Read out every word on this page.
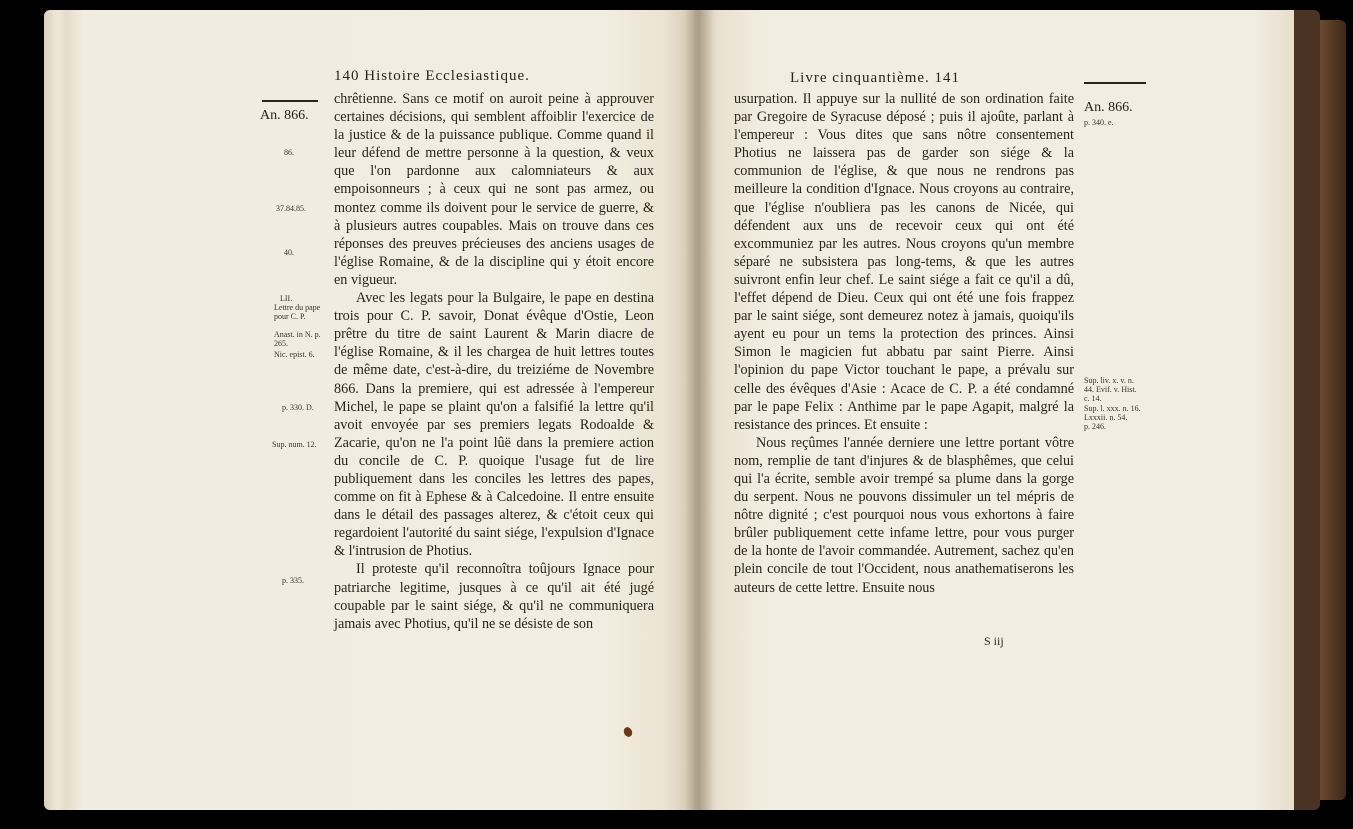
140 Histoire Ecclesiastique.
An. 866.
86.
37.84.85.
40.
LII.
Lettre du pape pour C. P.
Anast. in N. p. 265.
Nic. epist. 6.
p. 330. D.
Sup. num. 12.
p. 335.

chrêtienne. Sans ce motif on auroit peine à approuver certaines décisions, qui semblent affoiblir l'exercice de la justice & de la puissance publique. Comme quand il leur défend de mettre personne à la question, & veux que l'on pardonne aux calomniateurs & aux empoisonneurs ; à ceux qui ne sont pas armez, ou montez comme ils doivent pour le service de guerre, & à plusieurs autres coupables. Mais on trouve dans ces réponses des preuves précieuses des anciens usages de l'église Romaine, & de la discipline qui y étoit encore en vigueur.

Avec les legats pour la Bulgaire, le pape en destina trois pour C. P. savoir, Donat évêque d'Ostie, Leon prêtre du titre de saint Laurent & Marin diacre de l'église Romaine, & il les chargea de huit lettres toutes de même date, c'est-à-dire, du treiziéme de Novembre 866. Dans la premiere, qui est adressée à l'empereur Michel, le pape se plaint qu'on a falsifié la lettre qu'il avoit envoyée par ses premiers legats Rodoalde & Zacarie, qu'on ne l'a point lûë dans la premiere action du concile de C. P. quoique l'usage fut de lire publiquement dans les conciles les lettres des papes, comme on fit à Ephese & à Calcedoine. Il entre ensuite dans le détail des passages alterez, & c'étoit ceux qui regardoient l'autorité du saint siége, l'expulsion d'Ignace & l'intrusion de Photius.

Il proteste qu'il reconnoîtra toûjours Ignace pour patriarche legitime, jusques à ce qu'il ait été jugé coupable par le saint siége, & qu'il ne communiquera jamais avec Photius, qu'il ne se désiste de son

Livre cinquantième. 141
An. 866.
p. 340. e.
Sup. liv. x. v. n. 44. Evif. v. Hist. c. 14.
Sup. l. xxx. n. 16.
Lxxxii. n. 54.
p. 246.

usurpation. Il appuye sur la nullité de son ordination faite par Gregoire de Syracuse déposé ; puis il ajoûte, parlant à l'empereur : Vous dites que sans nôtre consentement Photius ne laissera pas de garder son siége & la communion de l'église, & que nous ne rendrons pas meilleure la condition d'Ignace. Nous croyons au contraire, que l'église n'oubliera pas les canons de Nicée, qui défendent aux uns de recevoir ceux qui ont été excommuniez par les autres. Nous croyons qu'un membre séparé ne subsistera pas long-tems, & que les autres suivront enfin leur chef. Le saint siége a fait ce qu'il a dû, l'effet dépend de Dieu. Ceux qui ont été une fois frappez par le saint siége, sont demeurez notez à jamais, quoiqu'ils ayent eu pour un tems la protection des princes. Ainsi Simon le magicien fut abbatu par saint Pierre. Ainsi l'opinion du pape Victor touchant le pape, a prévalu sur celle des évêques d'Asie : Acace de C. P. a été condamné par le pape Felix : Anthime par le pape Agapit, malgré la resistance des princes. Et ensuite :

Nous reçûmes l'année derniere une lettre portant vôtre nom, remplie de tant d'injures & de blasphêmes, que celui qui l'a écrite, semble avoir trempé sa plume dans la gorge du serpent. Nous ne pouvons dissimuler un tel mépris de nôtre dignité ; c'est pourquoi nous vous exhortons à faire brûler publiquement cette infame lettre, pour vous purger de la honte de l'avoir commandée. Autrement, sachez qu'en plein concile de tout l'Occident, nous anathematiserons les auteurs de cette lettre. Ensuite nous

S iij
